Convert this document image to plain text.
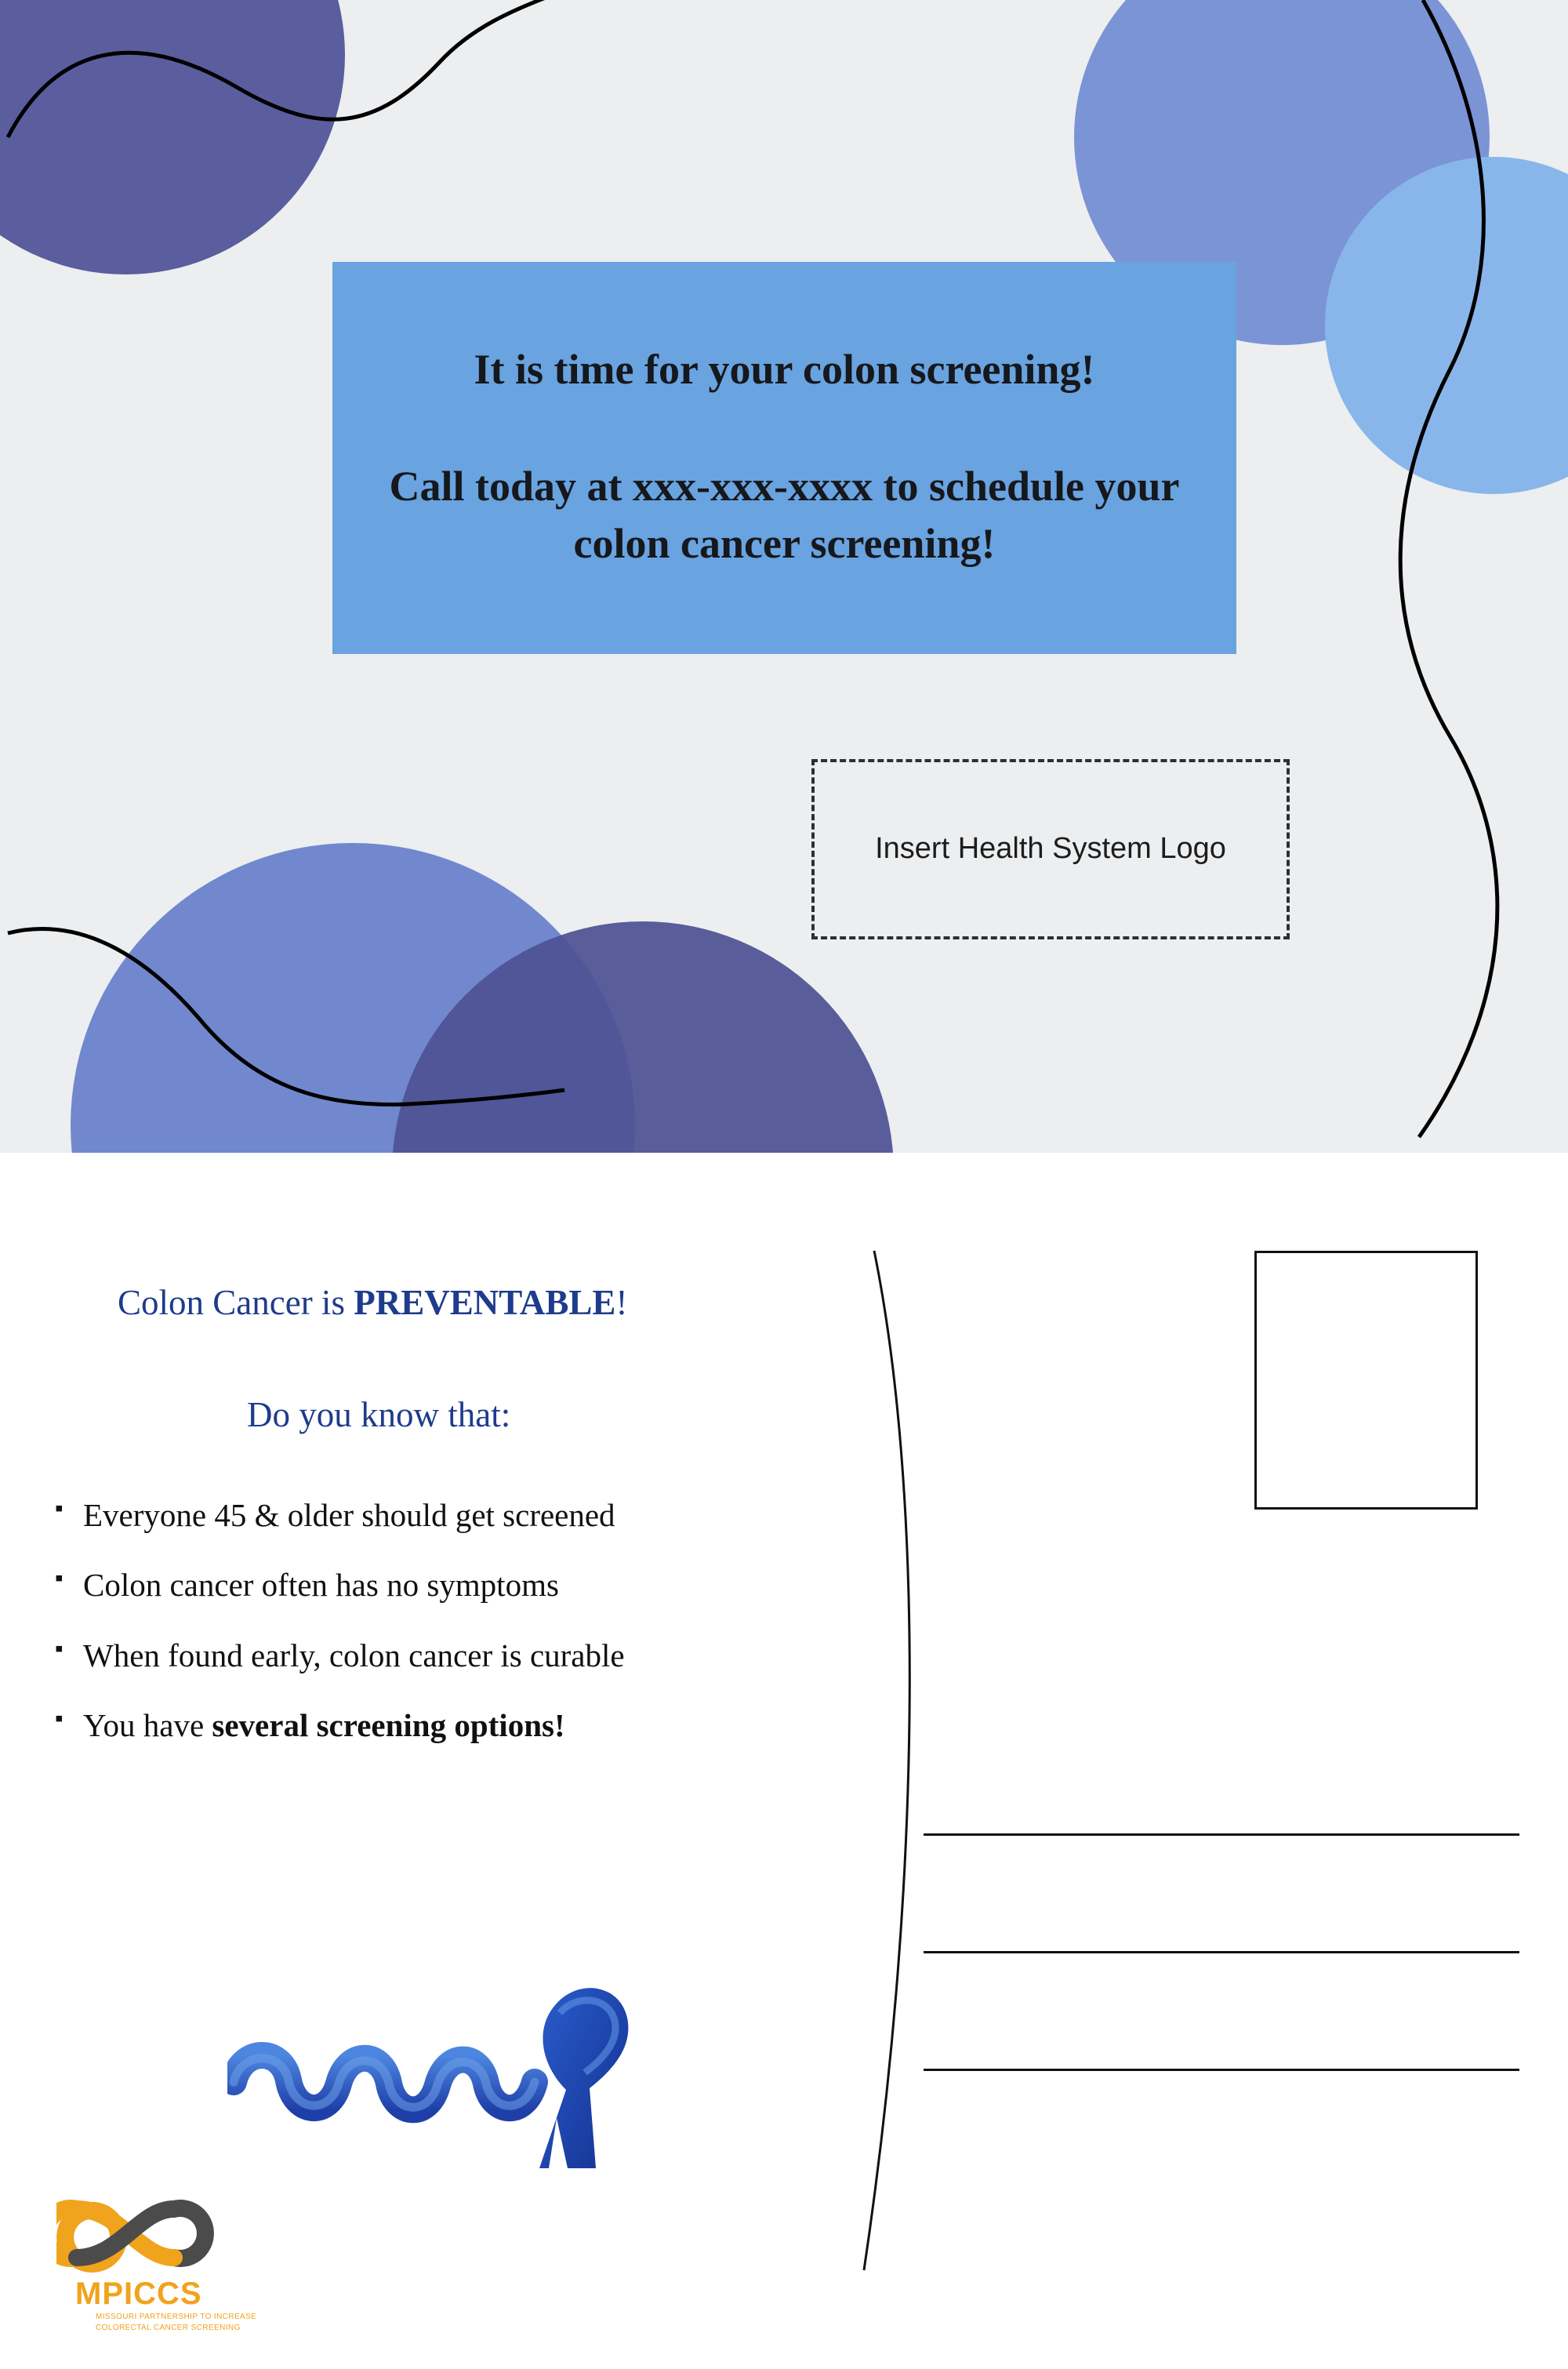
It is time for your colon screening!
Call today at xxx-xxx-xxxx to schedule your colon cancer screening!
Insert Health System Logo
Colon Cancer is PREVENTABLE!
Do you know that:
▪ Everyone 45 & older should get screened
▪ Colon cancer often has no symptoms
▪ When found early, colon cancer is curable
▪ You have several screening options!
MPICCS
MISSOURI PARTNERSHIP TO INCREASE
COLORECTAL CANCER SCREENING
